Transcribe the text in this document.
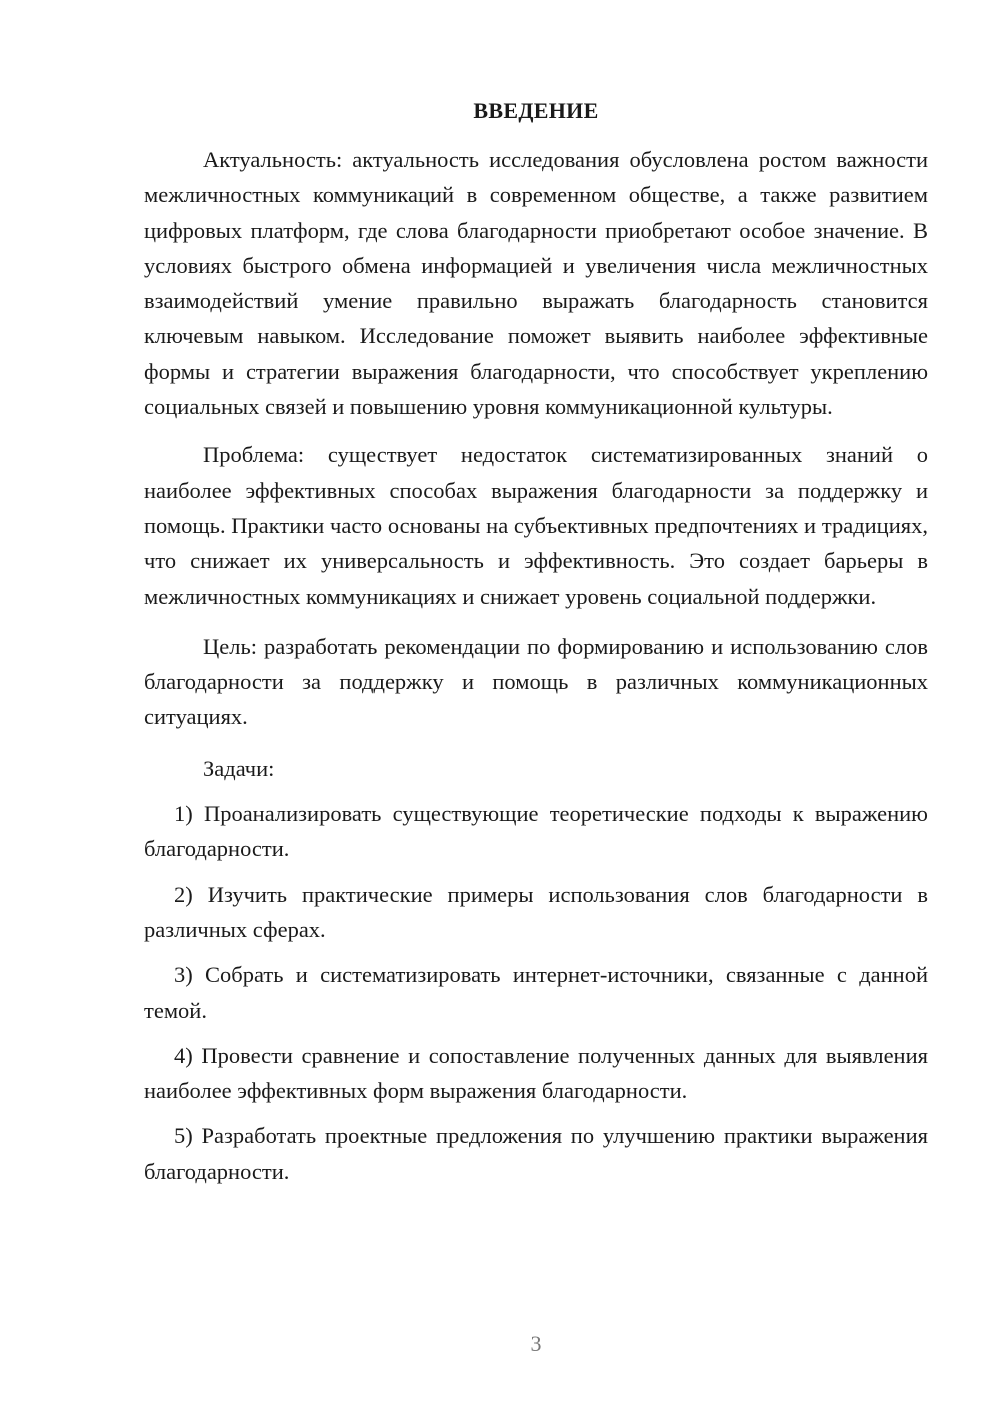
ВВЕДЕНИЕ

Актуальность: актуальность исследования обусловлена ростом важности межличностных коммуникаций в современном обществе, а также развитием цифровых платформ, где слова благодарности приобретают особое значение. В условиях быстрого обмена информацией и увеличения числа межличностных взаимодействий умение правильно выражать благодарность становится ключевым навыком. Исследование поможет выявить наиболее эффективные формы и стратегии выражения благодарности, что способствует укреплению социальных связей и повышению уровня коммуникационной культуры.

Проблема: существует недостаток систематизированных знаний о наиболее эффективных способах выражения благодарности за поддержку и помощь. Практики часто основаны на субъективных предпочтениях и традициях, что снижает их универсальность и эффективность. Это создает барьеры в межличностных коммуникациях и снижает уровень социальной поддержки.

Цель: разработать рекомендации по формированию и использованию слов благодарности за поддержку и помощь в различных коммуникационных ситуациях.

Задачи:

1) Проанализировать существующие теоретические подходы к выражению благодарности.

2) Изучить практические примеры использования слов благодарности в различных сферах.

3) Собрать и систематизировать интернет-источники, связанные с данной темой.

4) Провести сравнение и сопоставление полученных данных для выявления наиболее эффективных форм выражения благодарности.

5) Разработать проектные предложения по улучшению практики выражения благодарности.

3
